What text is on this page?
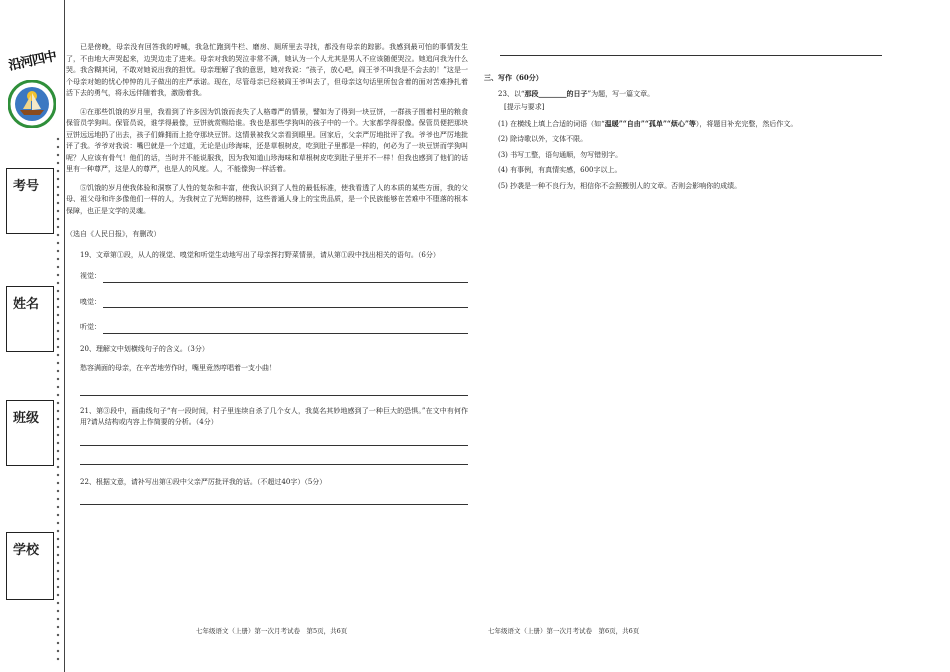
沿河四中
考号
姓名
班级
学校

已是傍晚，母亲没有回答我的呼喊，我急忙跑到牛栏、磨房、厕所里去寻找，都没有母亲的踪影。我感到最可怕的事情发生了，不由地大声哭起来，边哭边走了进来。母亲对我的哭泣非常不满，她认为一个人尤其是男人不应该随便哭泣。她追问我为什么哭。我含糊其词，不敢对她说出我的担忧。母亲理解了我的意思，她对我说：“孩子，放心吧，阎王爷不叫我是不会去的！”这是一个母亲对她的忧心忡忡的儿子做出的庄严承诺。现在，尽管母亲已经被阎王爷叫去了，但母亲这句话里所包含着的面对苦难挣扎着活下去的勇气，将永远伴随着我，激励着我。

④在那些饥饿的岁月里，我看到了许多因为饥饿而丧失了人格尊严的情景，譬如为了得到一块豆饼，一群孩子围着村里的粮食保管员学狗叫。保管员说，谁学得最像，豆饼就赏赐给谁。我也是那些学狗叫的孩子中的一个。大家都学得很像。保管员便把那块豆饼远远地扔了出去，孩子们蜂拥而上抢夺那块豆饼。这情景被我父亲看到眼里。回家后，父亲严厉地批评了我。爷爷也严厉地批评了我。爷爷对我说：嘴巴就是一个过道，无论是山珍海味，还是草根树皮，吃到肚子里都是一样的，何必为了一块豆饼而学狗叫呢？人应该有骨气！他们的话，当时并不能说服我，因为我知道山珍海味和草根树皮吃到肚子里并不一样！但我也感到了他们的话里有一种尊严，这是人的尊严，也是人的风度。人，不能像狗一样活着。

⑤饥饿的岁月使我体验和洞察了人性的复杂和丰富，使我认识到了人性的最低标准，使我看透了人的本质的某些方面，我的父母、祖父母和许多像他们一样的人，为我树立了光辉的榜样，这些普通人身上的宝贵品质，是一个民族能够在苦难中不堕落的根本保障，也正是文学的灵魂。

（选自《人民日报》，有删改）

19、文章第①段，从人的视觉、嗅觉和听觉生动地写出了母亲挥打野菜情景，请从第①段中找出相关的语句。（6分）

视觉：
嗅觉：
听觉：

20、理解文中划横线句子的含义。（3分）

愁容满面的母亲，在辛苦地劳作时，嘴里竟然哼唱着一支小曲！

21、第③段中，画曲线句子“有一段时间，村子里连续自杀了几个女人，我莫名其妙地感到了一种巨大的恐惧。”在文中有何作用?请从结构或内容上作简要的分析。（4分）

22、根据文意，请补写出第④段中父亲严厉批评我的话。（不超过40字）（5分）

七年级语文（上册）第一次月考试卷　第5页，共6页

三、写作（60分）

23、以“那段________的日子”为题，写一篇文章。

[提示与要求]

(1) 在横线上填上合适的词语（如“温暖”“自由”“孤单”“烦心”等），将题目补充完整，然后作文。

(2) 除诗歌以外，文体不限。

(3) 书写工整，语句通顺，勿写错别字。

(4) 有事例，有真情实感，600字以上。

(5) 抄袭是一种不良行为，相信你不会照搬别人的文章。否则会影响你的成绩。

七年级语文（上册）第一次月考试卷　第6页，共6页
